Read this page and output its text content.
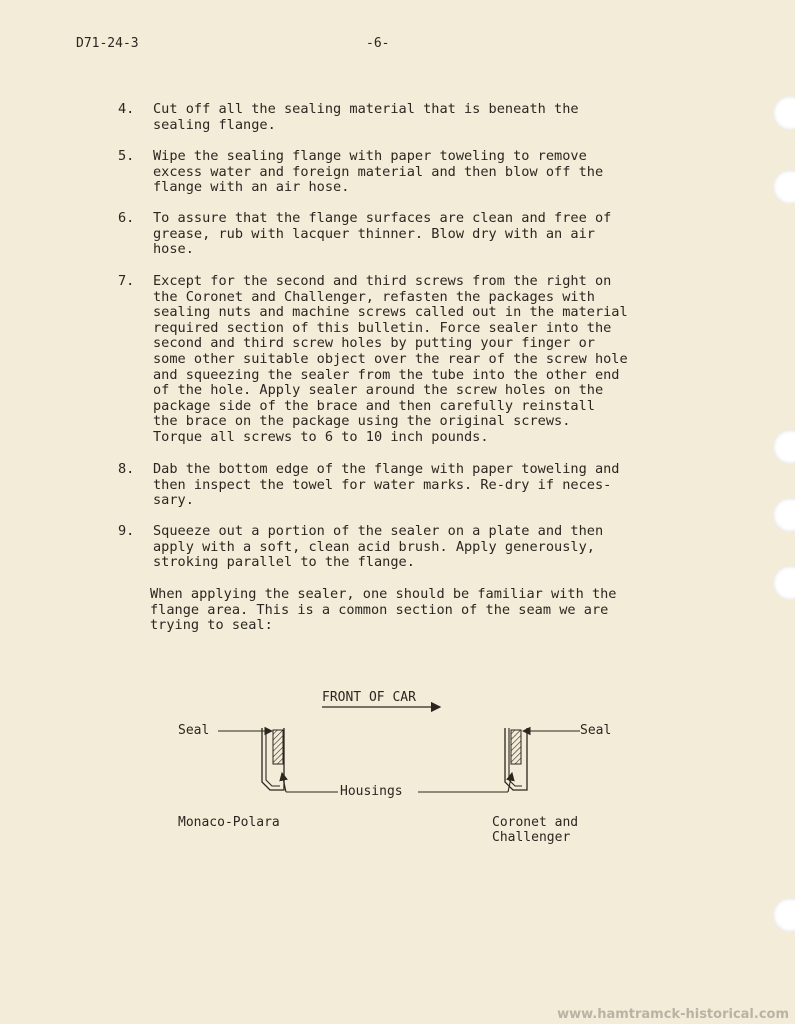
D71-24-3	-6-
4. Cut off all the sealing material that is beneath the
sealing flange.
5. Wipe the sealing flange with paper toweling to remove
excess water and foreign material and then blow off the
flange with an air hose.
6. To assure that the flange surfaces are clean and free of
grease, rub with lacquer thinner. Blow dry with an air
hose.
7. Except for the second and third screws from the right on
the Coronet and Challenger, refasten the packages with
sealing nuts and machine screws called out in the material
required section of this bulletin. Force sealer into the
second and third screw holes by putting your finger or
some other suitable object over the rear of the screw hole
and squeezing the sealer from the tube into the other end
of the hole. Apply sealer around the screw holes on the
package side of the brace and then carefully reinstall
the brace on the package using the original screws.
Torque all screws to 6 to 10 inch pounds.
8. Dab the bottom edge of the flange with paper toweling and
then inspect the towel for water marks. Re-dry if neces-
sary.
9. Squeeze out a portion of the sealer on a plate and then
apply with a soft, clean acid brush. Apply generously,
stroking parallel to the flange.
When applying the sealer, one should be familiar with the
flange area. This is a common section of the seam we are
trying to seal:
FRONT OF CAR
Seal	Seal
Housings
Monaco-Polara	Coronet and
Challenger
www.hamtramck-historical.com
